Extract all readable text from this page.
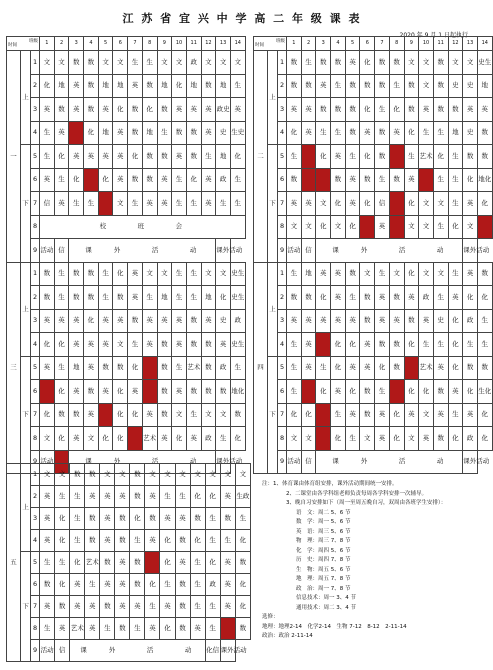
江 苏 省 宜 兴 中 学 高 二 年 级 课 表
2020 年 9 月 1 日起执行
班级
时间			1	2	3	4	5	6	7	8	9	10	11	12	13	14
一	上	1	文	文	数	数	文	文	生	生	文	文	政	文	文	文
		2	化	地	英	数	地	地	英	数	地	化	地	数	地	生
		3	英	数	英	数	英	化	数	化	数	英	英	英	政史	英
		4	生	英		化	地	英	数	地	生	数	数	英	史	生史
	下	5	生	化	英	英	英	英	化	数	数	英	数	生	地	化
		6	英	生	化		化	英	数	数	英	生	化	英	政	生
		7	信	英	生	生		文	生	英	英	生	生	英	生	生
		8	校　　　班　　　会													
		9	活动	信	课　　外　　　活　　　动										课外活动	
三	上	1	数	生	数	数	生	化	英	文	文	生	生	文	文	史生
		2	数	生	数	数	生	数	英	生	地	生	生	地	化	史生
		3	英	英	英	化	英	英	数	英	英	英	数	英	史	政
		4	化	化	英	英	英	文	生	英	数	英	数	数	英	史生
	下	5	英	生	地	英	数	数	化		数	生	艺术	数	政	生
		6		化	英	数	英	化	英		数	英	数	数	数	地化
		7	化	数	数	英		化	化	英	数	文	生	文	文	数
		8	文	化	英	文	化	化		艺术	英	化	英	政	生	化
		9	活动		课　　外　　　活　　　动										课外活动	
班级
时间			1	2	3	4	5	6	7	8	9	10	11	12	13	14
二	上	1	数	生	数	数	英	化	数	数	文	文	数	文	文	史生
		2	数	数	英	生	数	数	数	生	数	文	数	史	史	地
		3	英	英	数	数	数	化	生	化	数	英	数	数	英	英
		4	化	英	生	生	数	英	数	英	化	生	生	地	史	数
	下	5	生		化	英	生	化	数		生	艺术	化	生	数	数
		6	数			数	英	数	生	数	英		生	生	化	地化
		7	英	英	文	化	英	化	信		化	文	文	生	英	化
		8	文	文	化	文	化		英		文	文	生	化	文	
		9	活动	信	课　　外　　　活　　　动										课外活动	
四	上	1	生	地	英	英	数	文	生	文	化	文	文	生	英	数
		2	数	数	化	英	生	数	英	数	英	政	生	英	化	化
		3	英	英	英	英	英	数	英	英	数	英	史	化	政	生
		4	生	英		化	化	英	数	数	化	生	生	化	生	生
	下	5	生	英	生	化	英	英	化	数		艺术	英	化	数	数
		6	生		化	英	化	数	生		化	化	数	英	化	生化
		7	化	化		生	英	数	英	化	英	文	英	生	英	化
		8	文	文		化	生	文	英	化	文	英	数	化	政	化
		9	活动	信	课　　外　　　活　　　动										课外活动	
五	上	1	文	文	数	数	文	文	数	文	文	文	文	文	文	文
		2	英	生	生	英	英	英	数	英	生	生	化	化	英	生政
		3	英	化	生	数	英	数	化	数	英	英	数	生	数	生
		4	英	化	生	数	英	数	生	英	化	数	化	生	生	化
	下	5	生	生	化	艺术	数	英	数		化	英	生	化	英	数
		6	数	化	英	生	英	英	数	化	生	数	生	政	英	化
		7	英	数	英	英	数	英	英	生	英	数	生	生	英	化
		8	生	英	艺术	英	生	数	生	英	化	数	英	生		数
		9	活动	信	课　　外　　　活　　　动									化信	课外活动	

注：1、体育课由体育组安排，课外活动期间统一安排。

2、二课堂由各学科组老师负责每周各学科安排一次辅导。

3、晚自习安排如下（周一至周五晚自习，双周由各班学生安排）：

语　文：周二 5、6 节

数　学：周一 5、6 节

英　语：周三 5、6 节

物　理：周三 7、8 节

化　学：周四 5、6 节

历　史：周四 7、8 节

生　物：周五 5、6 节

地　理：周五 7、8 节

政　治：周一 7、8 节

信息技术：周一 3、4 节

通用技术：周二 3、4 节

选修：

地理：地理2-14　化学2-14　生物 7-12　8-12　2-11-14

政治：政治 2-11-14
